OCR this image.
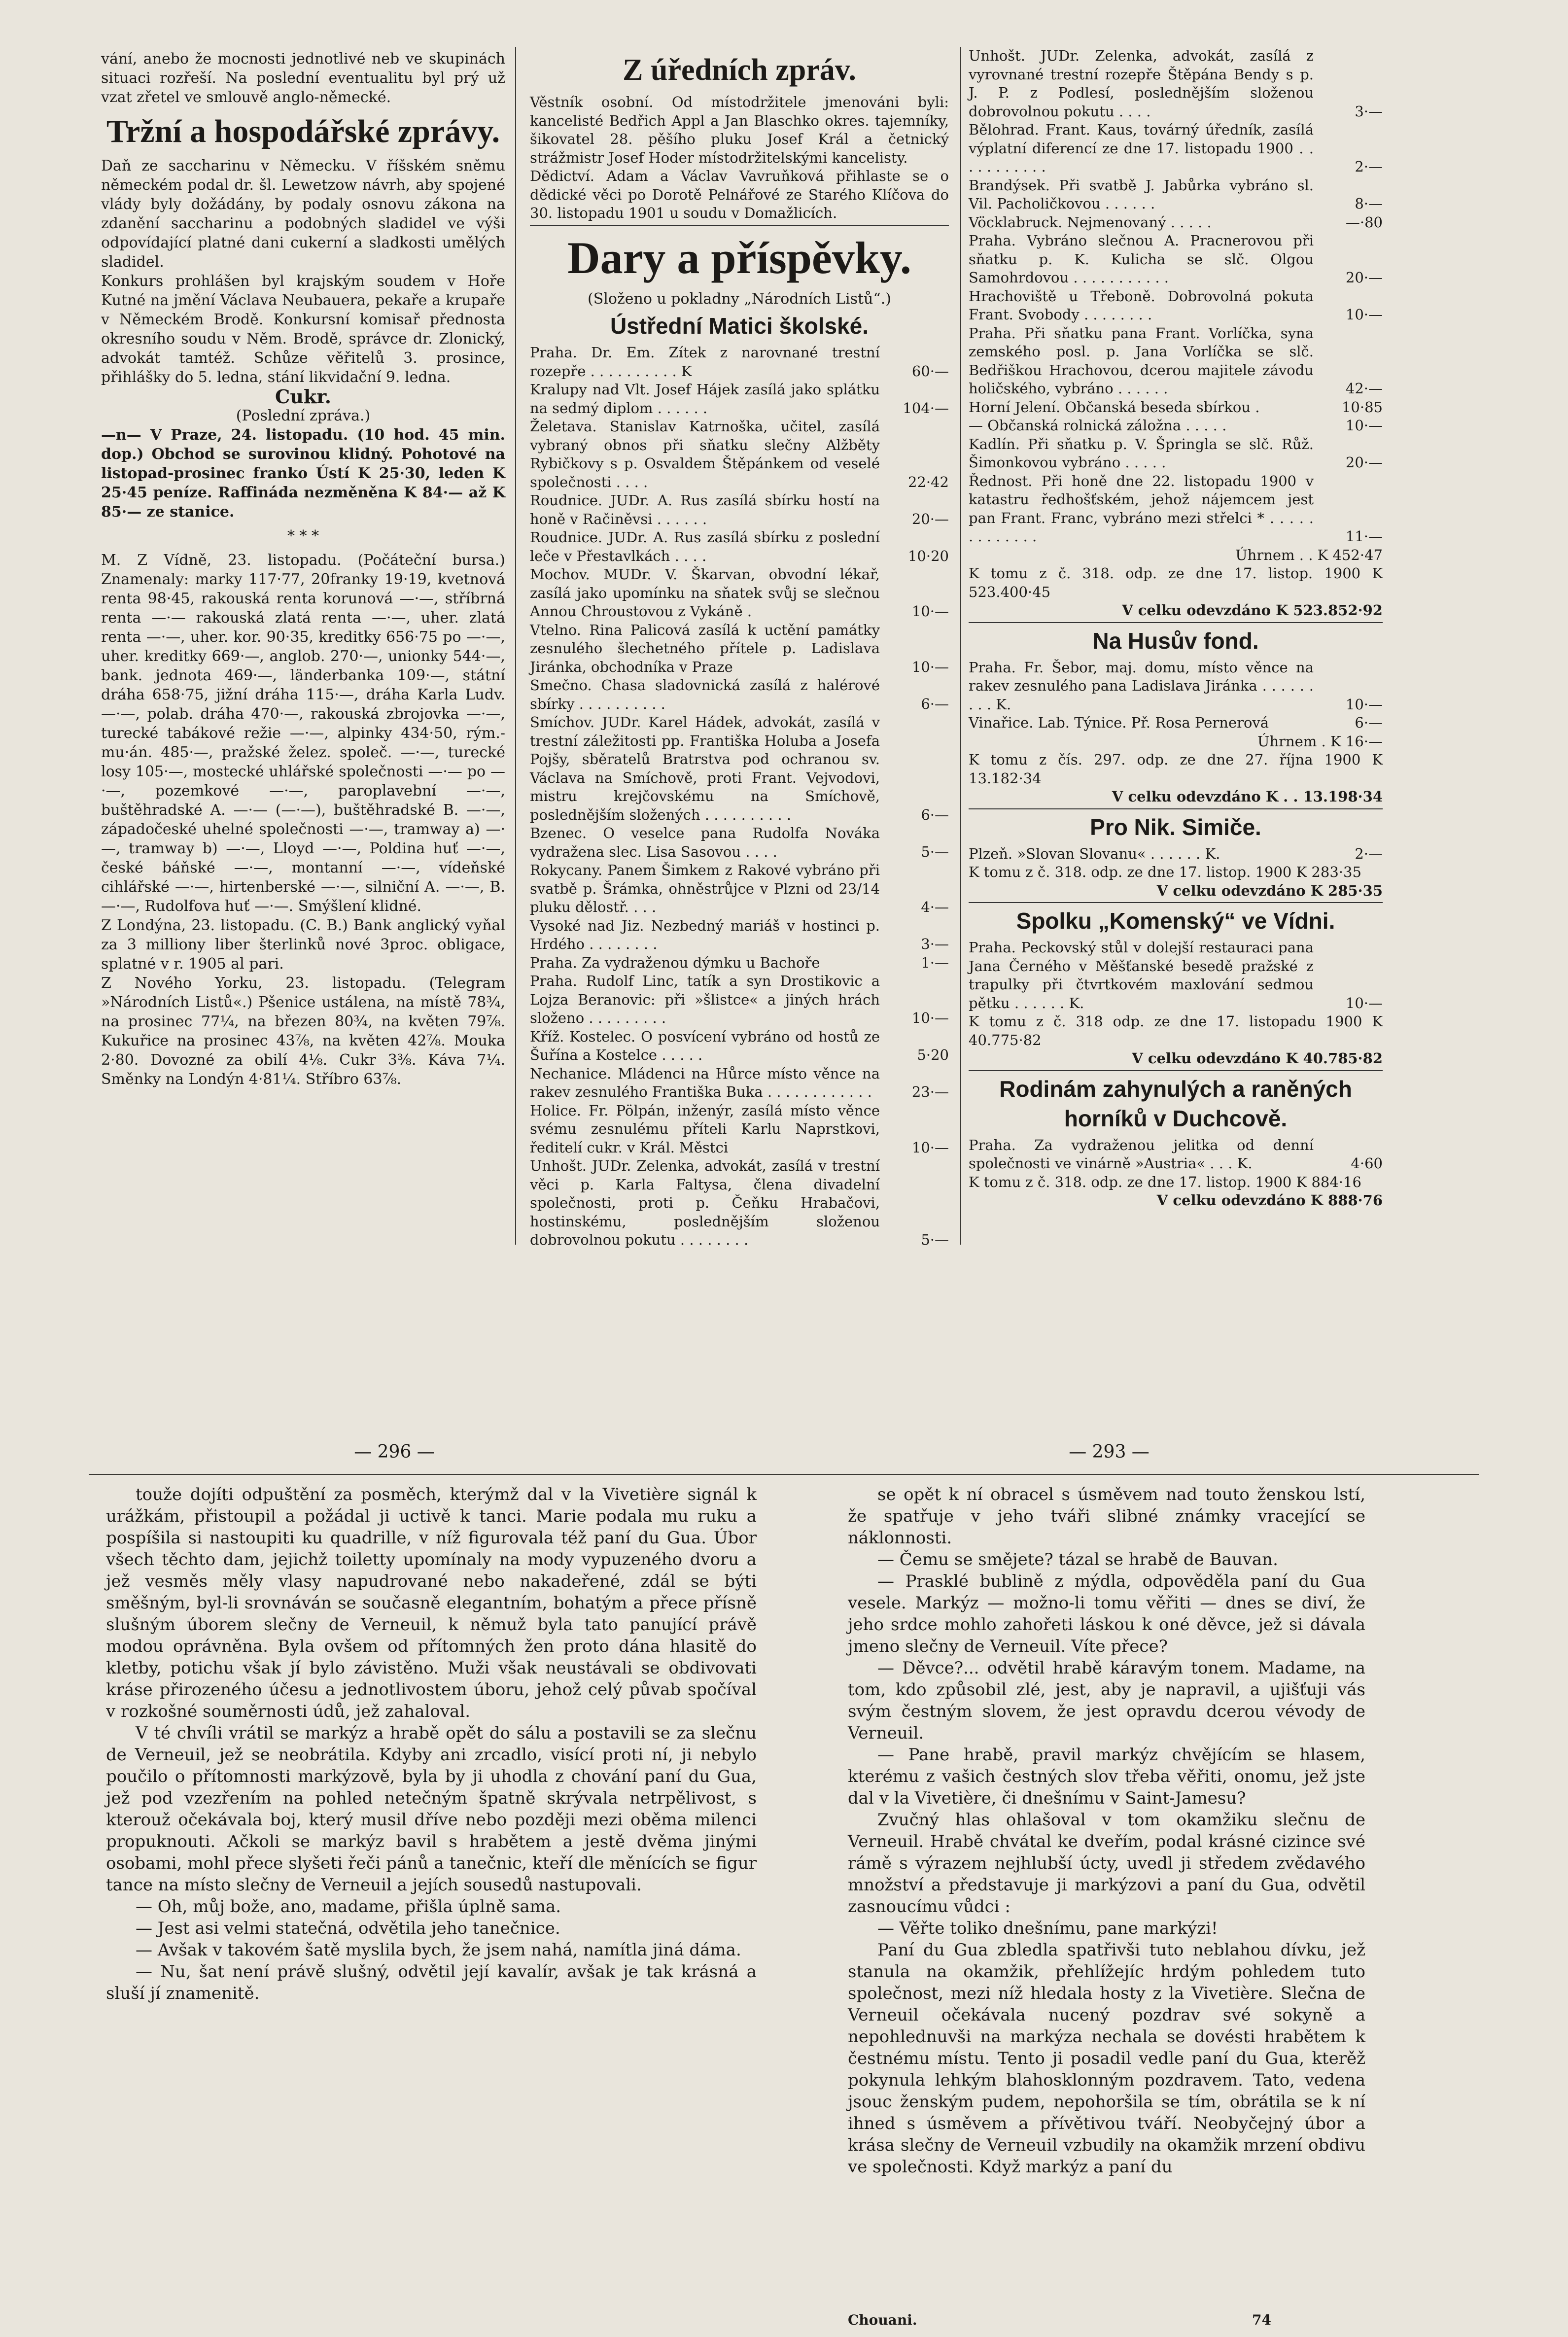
vání, anebo že mocnosti jednotlivé neb ve skupinách situaci rozřeší. Na poslední eventualitu byl prý už vzat zřetel ve smlouvě anglo-německé.

Tržní a hospodářské zprávy.

Daň ze saccharinu v Německu. V říšském sněmu německém podal dr. šl. Lewetzow návrh, aby spojené vlády byly dožádány, by podaly osnovu zákona na zdanění saccharinu a podobných sladidel ve výši odpovídající platné dani cukerní a sladkosti umělých sladidel.

Konkurs prohlášen byl krajským soudem v Hoře Kutné na jmění Václava Neubauera, pekaře a krupaře v Německém Brodě. Konkursní komisař přednosta okresního soudu v Něm. Brodě, správce dr. Zlonický, advokát tamtéž. Schůze věřitelů 3. prosince, přihlášky do 5. ledna, stání likvidační 9. ledna.

Cukr.
(Poslední zpráva.)

—n— V Praze, 24. listopadu. (10 hod. 45 min. dop.) Obchod se surovinou klidný. Pohotové na listopad-prosinec franko Ústí K 25·30, leden K 25·45 peníze. Raffináda nezměněna K 84·— až K 85·— ze stanice.

* * *

M. Z Vídně, 23. listopadu. (Počáteční bursa.) Znamenaly: marky 117·77, 20franky 19·19, kvetnová renta 98·45, rakouská renta korunová —·—, stříbrná renta —·— rakouská zlatá renta —·—, uher. zlatá renta —·—, uher. kor. 90·35, kreditky 656·75 po —·—, uher. kreditky 669·—, anglob. 270·—, unionky 544·—, bank. jednota 469·—, länderbanka 109·—, státní dráha 658·75, jižní dráha 115·—, dráha Karla Ludv. —·—, polab. dráha 470·—, rakouská zbrojovka —·—, turecké tabákové režie —·—, alpinky 434·50, rým.-mu·án. 485·—, pražské želez. společ. —·—, turecké losy 105·—, mostecké uhlářské společnosti —·— po —·—, pozemkové —·—, paroplavební —·—, buštěhradské A. —·— (—·—), buštěhradské B. —·—, západočeské uhelné společnosti —·—, tramway a) —·—, tramway b) —·—, Lloyd —·—, Poldina huť —·—, české báňské —·—, montanní —·—, vídeňské cihlářské —·—, hirtenberské —·—, silniční A. —·—, B. —·—, Rudolfova huť —·—. Smýšlení klidné.

Z Londýna, 23. listopadu. (C. B.) Bank anglický vyňal za 3 milliony liber šterlinků nové 3proc. obligace, splatné v r. 1905 al pari.

Z Nového Yorku, 23. listopadu. (Telegram »Národních Listů«.) Pšenice ustálena, na místě 78¾, na prosinec 77¼, na březen 80¾, na květen 79⅞. Kukuřice na prosinec 43⅞, na květen 42⅞. Mouka 2·80. Dovozné za obilí 4⅛. Cukr 3⅜. Káva 7¼. Směnky na Londýn 4·81¼. Stříbro 63⅞.

Z úředních zpráv.

Věstník osobní. Od místodržitele jmenováni byli: kancelisté Bedřich Appl a Jan Blaschko okres. tajemníky, šikovatel 28. pěšího pluku Josef Král a četnický strážmistr Josef Hoder místodržitelskými kancelisty.

Dědictví. Adam a Václav Vavruňková přihlaste se o dědické věci po Dorotě Pelnářové ze Starého Klíčova do 30. listopadu 1901 u soudu v Domažlicích.

Dary a příspěvky.
(Složeno u pokladny „Národních Listů“.)
Ústřední Matici školské.
Praha. Dr. Em. Zítek z narovnané trestní rozepře . . . . . . . . . . K	60·—
Kralupy nad Vlt. Josef Hájek zasílá jako splátku na sedmý diplom . . . . . .	104·—
Želetava. Stanislav Katrnoška, učitel, zasílá vybraný obnos při sňatku slečny Alžběty Rybičkovy s p. Osvaldem Štěpánkem od veselé společnosti . . . .	22·42
Roudnice. JUDr. A. Rus zasílá sbírku hostí na honě v Račiněvsi . . . . . .	20·—
Roudnice. JUDr. A. Rus zasílá sbírku z poslední leče v Přestavlkách . . . .	10·20
Mochov. MUDr. V. Škarvan, obvodní lékař, zasílá jako upomínku na sňatek svůj se slečnou Annou Chroustovou z Vykáně .	10·—
Vtelno. Rina Palicová zasílá k uctění památky zesnulého šlechetného přítele p. Ladislava Jiránka, obchodníka v Praze	10·—
Smečno. Chasa sladovnická zasílá z halérové sbírky . . . . . . . . . .	6·—
Smíchov. JUDr. Karel Hádek, advokát, zasílá v trestní záležitosti pp. Františka Holuba a Josefa Pojšy, sběratelů Bratrstva pod ochranou sv. Václava na Smíchově, proti Frant. Vejvodovi, mistru krejčovskému na Smíchově, poslednějším složených . . . . . . . . . .	6·—
Bzenec. O veselce pana Rudolfa Nováka vydražena slec. Lisa Sasovou . . . .	5·—
Rokycany. Panem Šimkem z Rakové vybráno při svatbě p. Šrámka, ohněstrůjce v Plzni od 23/14 pluku dělostř. . . .	4·—
Vysoké nad Jiz. Nezbedný mariáš v hostinci p. Hrdého . . . . . . . .	3·—
Praha. Za vydraženou dýmku u Bachoře	1·—
Praha. Rudolf Linc, tatík a syn Drostikovic a Lojza Beranovic: při »šlistce« a jiných hrách složeno . . . . . . . . .	10·—
Kříž. Kostelec. O posvícení vybráno od hostů ze Šuřína a Kostelce . . . . .	5·20
Nechanice. Mládenci na Hůrce místo věnce na rakev zesnulého Františka Buka . . . . . . . . . . . .	23·—
Holice. Fr. Pölpán, inženýr, zasílá místo věnce svému zesnulému příteli Karlu Naprstkovi, ředitelí cukr. v Král. Městci	10·—
Unhošt. JUDr. Zelenka, advokát, zasílá v trestní věci p. Karla Faltysa, člena divadelní společnosti, proti p. Čeňku Hrabačovi, hostinskému, poslednějším složenou dobrovolnou pokutu . . . . . . . .	5·—
Unhošt. JUDr. Zelenka, advokát, zasílá z vyrovnané trestní rozepře Štěpána Bendy s p. J. P. z Podlesí, poslednějším složenou dobrovolnou pokutu . . . .	3·—
Bělohrad. Frant. Kaus, továrný úředník, zasílá výplatní diferencí ze dne 17. listopadu 1900 . . . . . . . . . . .	2·—
Brandýsek. Při svatbě J. Jabůrka vybráno sl. Vil. Pacholičkovou . . . . . .	8·—
Vöcklabruck. Nejmenovaný . . . . .	—·80
Praha. Vybráno slečnou A. Pracnerovou při sňatku p. K. Kulicha se slč. Olgou Samohrdovou . . . . . . . . . . .	20·—
Hrachoviště u Třeboně. Dobrovolná pokuta Frant. Svobody . . . . . . . .	10·—
Praha. Při sňatku pana Frant. Vorlíčka, syna zemského posl. p. Jana Vorlíčka se slč. Bedřiškou Hrachovou, dcerou majitele závodu holičského, vybráno . . . . . .	42·—
Horní Jelení. Občanská beseda sbírkou .	10·85
— Občanská rolnická záložna . . . . .	10·—
Kadlín. Při sňatku p. V. Špringla se slč. Růž. Šimonkovou vybráno . . . . .	20·—
Řednost. Při honě dne 22. listopadu 1900 v katastru ředhošťském, jehož nájemcem jest pan Frant. Franc, vybráno mezi střelci * . . . . . . . . . . . . .	11·—
Úhrnem . . K 452·47
K tomu z č. 318. odp. ze dne 17. listop. 1900 K 523.400·45
V celku odevzdáno K 523.852·92
Na Husův fond.
Praha. Fr. Šebor, maj. domu, místo věnce na rakev zesnulého pana Ladislava Jiránka . . . . . . . . . K.	10·—
Vinařice. Lab. Týnice. Př. Rosa Pernerová	6·—
Úhrnem . K 16·—
K tomu z čís. 297. odp. ze dne 27. října 1900 K 13.182·34
V celku odevzdáno K . . 13.198·34
Pro Nik. Simiče.
Plzeň. »Slovan Slovanu« . . . . . . K.	2·—
K tomu z č. 318. odp. ze dne 17. listop. 1900 K 283·35
V celku odevzdáno K 285·35
Spolku „Komenský“ ve Vídni.
Praha. Peckovský stůl v dolejší restauraci pana Jana Černého v Měšťanské besedě pražské z trapulky při čtvrtkovém maxlování sedmou pětku . . . . . . K.	10·—
K tomu z č. 318 odp. ze dne 17. listopadu 1900 K 40.775·82
V celku odevzdáno K 40.785·82
Rodinám zahynulých a raněných horníků v Duchcově.
Praha. Za vydraženou jelitka od denní společnosti ve vinárně »Austria« . . . K.	4·60
K tomu z č. 318. odp. ze dne 17. listop. 1900 K 884·16
V celku odevzdáno K 888·76
— 296 —	— 293 —

touže dojíti odpuštění za posměch, kterýmž dal v la Vivetière signál k urážkám, přistoupil a požádal ji uctivě k tanci. Marie podala mu ruku a pospíšila si nastoupiti ku quadrille, v níž figurovala též paní du Gua. Úbor všech těchto dam, jejichž toiletty upomínaly na mody vypuzeného dvoru a jež vesměs měly vlasy napudrované nebo nakadeřené, zdál se býti směšným, byl-li srovnáván se současně elegantním, bohatým a přece přísně slušným úborem slečny de Verneuil, k němuž byla tato panující právě modou oprávněna. Byla ovšem od přítomných žen proto dána hlasitě do kletby, potichu však jí bylo závistěno. Muži však neustávali se obdivovati kráse přirozeného účesu a jednotlivostem úboru, jehož celý půvab spočíval v rozkošné souměrnosti údů, jež zahaloval.

V té chvíli vrátil se markýz a hrabě opět do sálu a postavili se za slečnu de Verneuil, jež se neobrátila. Kdyby ani zrcadlo, visící proti ní, ji nebylo poučilo o přítomnosti markýzově, byla by ji uhodla z chování paní du Gua, jež pod vzezřením na pohled netečným špatně skrývala netrpělivost, s kterouž očekávala boj, který musil dříve nebo později mezi oběma milenci propuknouti. Ačkoli se markýz bavil s hrabětem a jestě dvěma jinými osobami, mohl přece slyšeti řeči pánů a tanečnic, kteří dle měnících se figur tance na místo slečny de Verneuil a jejích sousedů nastupovali.

— Oh, můj bože, ano, madame, přišla úplně sama.

— Jest asi velmi statečná, odvětila jeho tanečnice.

— Avšak v takovém šatě myslila bych, že jsem nahá, namítla jiná dáma.

— Nu, šat není právě slušný, odvětil její kavalír, avšak je tak krásná a sluší jí znamenitě.

se opět k ní obracel s úsměvem nad touto ženskou lstí, že spatřuje v jeho tváři slibné známky vracející se náklonnosti.

— Čemu se smějete? tázal se hrabě de Bauvan.

— Prasklé bublině z mýdla, odpověděla paní du Gua vesele. Markýz — možno-li tomu věřiti — dnes se diví, že jeho srdce mohlo zahořeti láskou k oné děvce, jež si dávala jmeno slečny de Verneuil. Víte přece?

— Děvce?... odvětil hrabě káravým tonem. Madame, na tom, kdo způsobil zlé, jest, aby je napravil, a ujišťuji vás svým čestným slovem, že jest opravdu dcerou vévody de Verneuil.

— Pane hrabě, pravil markýz chvějícím se hlasem, kterému z vašich čestných slov třeba věřiti, onomu, jež jste dal v la Vivetière, či dnešnímu v Saint-Jamesu?

Zvučný hlas ohlašoval v tom okamžiku slečnu de Verneuil. Hrabě chvátal ke dveřím, podal krásné cizince své rámě s výrazem nejhlubší úcty, uvedl ji středem zvědavého množství a představuje ji markýzovi a paní du Gua, odvětil zasnoucímu vůdci :

— Věřte toliko dnešnímu, pane markýzi!

Paní du Gua zbledla spatřivši tuto neblahou dívku, jež stanula na okamžik, přehlížejíc hrdým pohledem tuto společnost, mezi níž hledala hosty z la Vivetière. Slečna de Verneuil očekávala nucený pozdrav své sokyně a nepohlednuvši na markýza nechala se dovésti hrabětem k čestnému místu. Tento ji posadil vedle paní du Gua, kterěž pokynula lehkým blahosklonným pozdravem. Tato, vedena jsouc ženským pudem, nepohoršila se tím, obrátila se k ní ihned s úsměvem a přívětivou tváří. Neobyčejný úbor a krása slečny de Verneuil vzbudily na okamžik mrzení obdivu ve společnosti. Když markýz a paní du

Chouani.	74
